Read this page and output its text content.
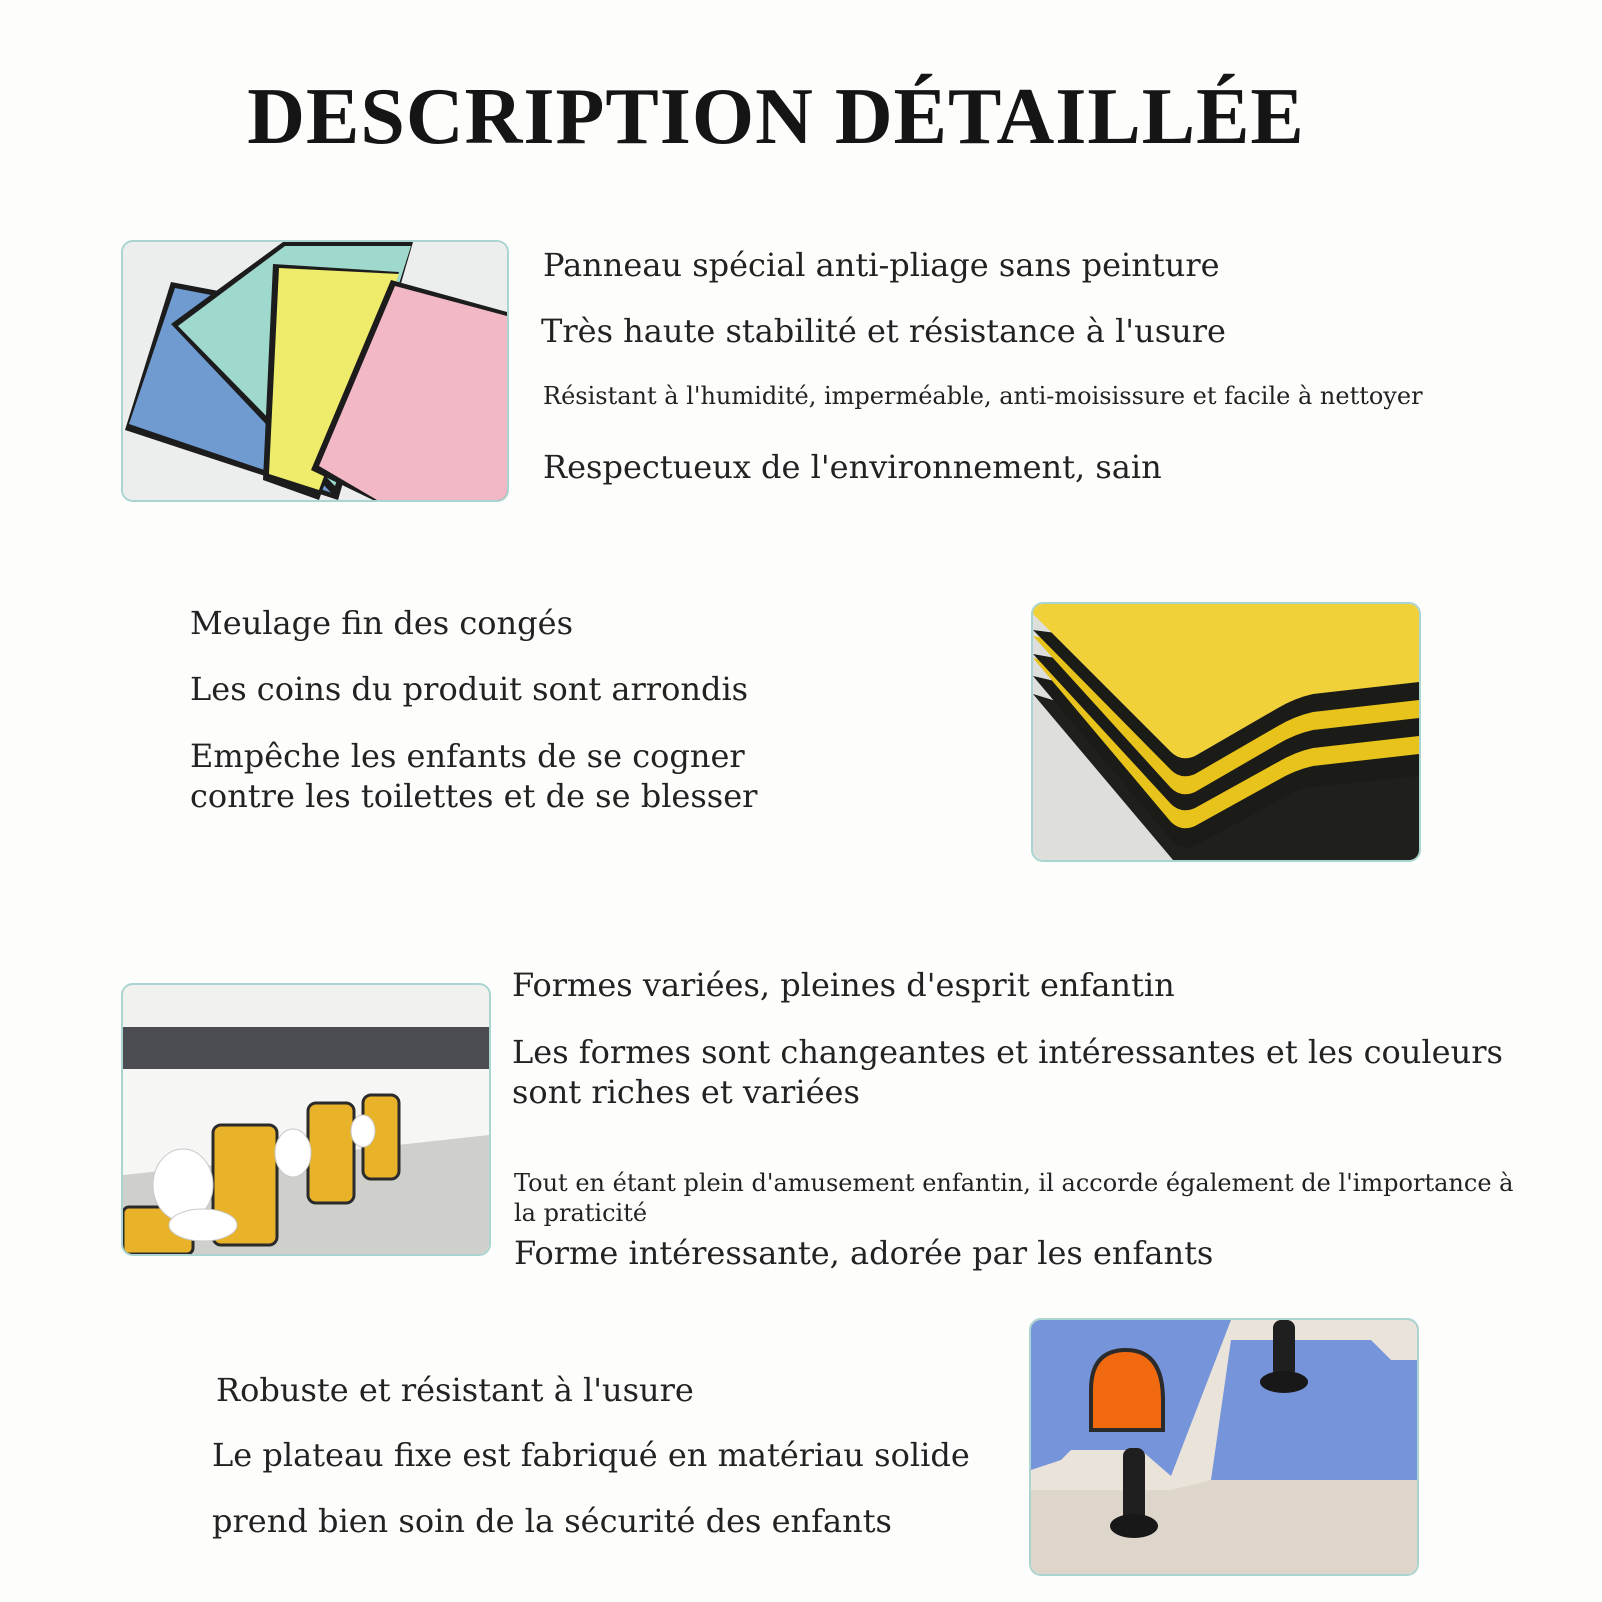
DESCRIPTION DÉTAILLÉE
Panneau spécial anti-pliage sans peinture
Très haute stabilité et résistance à l'usure
Résistant à l'humidité, imperméable, anti-moisissure et facile à nettoyer
Respectueux de l'environnement, sain
Meulage fin des congés
Les coins du produit sont arrondis
Empêche les enfants de se cogner
contre les toilettes et de se blesser
Formes variées, pleines d'esprit enfantin
Les formes sont changeantes et intéressantes et les couleurs sont riches et variées
Tout en étant plein d'amusement enfantin, il accorde également de l'importance à la praticité
Forme intéressante, adorée par les enfants
Robuste et résistant à l'usure
Le plateau fixe est fabriqué en matériau solide
prend bien soin de la sécurité des enfants
